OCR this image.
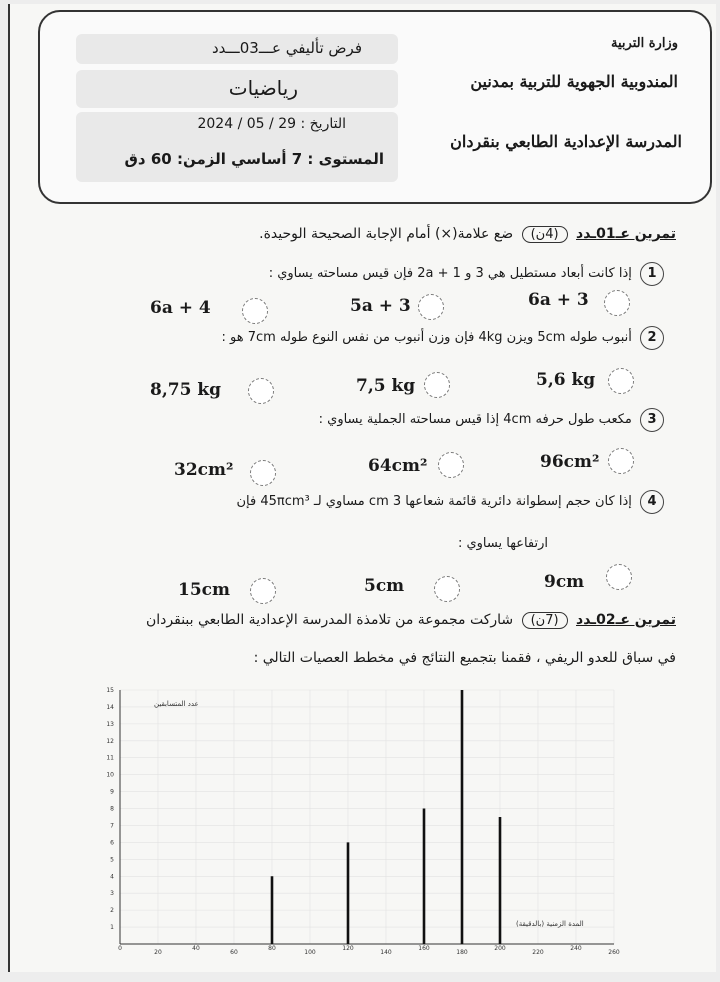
فرض تأليفي عـــ03ـــدد
رياضيات
التاريخ : 29 / 05 / 2024
المستوى : 7 أساسي الزمن: 60 دق
وزارة التربية
المندوبية الجهوية للتربية بمدنين
المدرسة الإعدادية الطابعي بنقردان
تمرين عـ01ـدد (4ن) ضع علامة(×) أمام الإجابة الصحيحة الوحيدة.
1 إذا كانت أبعاد مستطيل هي 3 و 1 + 2a فإن قيس مساحته يساوي :
6a + 3
5a + 3
6a + 4
2 أنبوب طوله 5cm ويزن 4kg فإن وزن أنبوب من نفس النوع طوله 7cm هو :
5,6 kg
7,5 kg
8,75 kg
3 مكعب طول حرفه 4cm إذا قيس مساحته الجملية يساوي :
96cm²
64cm²
32cm²
4 إذا كان حجم إسطوانة دائرية قائمة شعاعها 3 cm مساوي لـ 45πcm³ فإن
ارتفاعها يساوي :
9cm
5cm
15cm
تمرين عـ02ـدد (7ن) شاركت مجموعة من تلامذة المدرسة الإعدادية الطابعي ببنقردان
في سباق للعدو الريفي ، فقمنا بتجميع النتائج في مخطط العصيات التالي :
1
2
3
4
5
6
7
8
9
10
11
12
13
14
15
0
20
40
60
80
100
120
140
160
180
200
220
240
260
عدد المتسابقين
المدة الزمنية (بالدقيقة)
